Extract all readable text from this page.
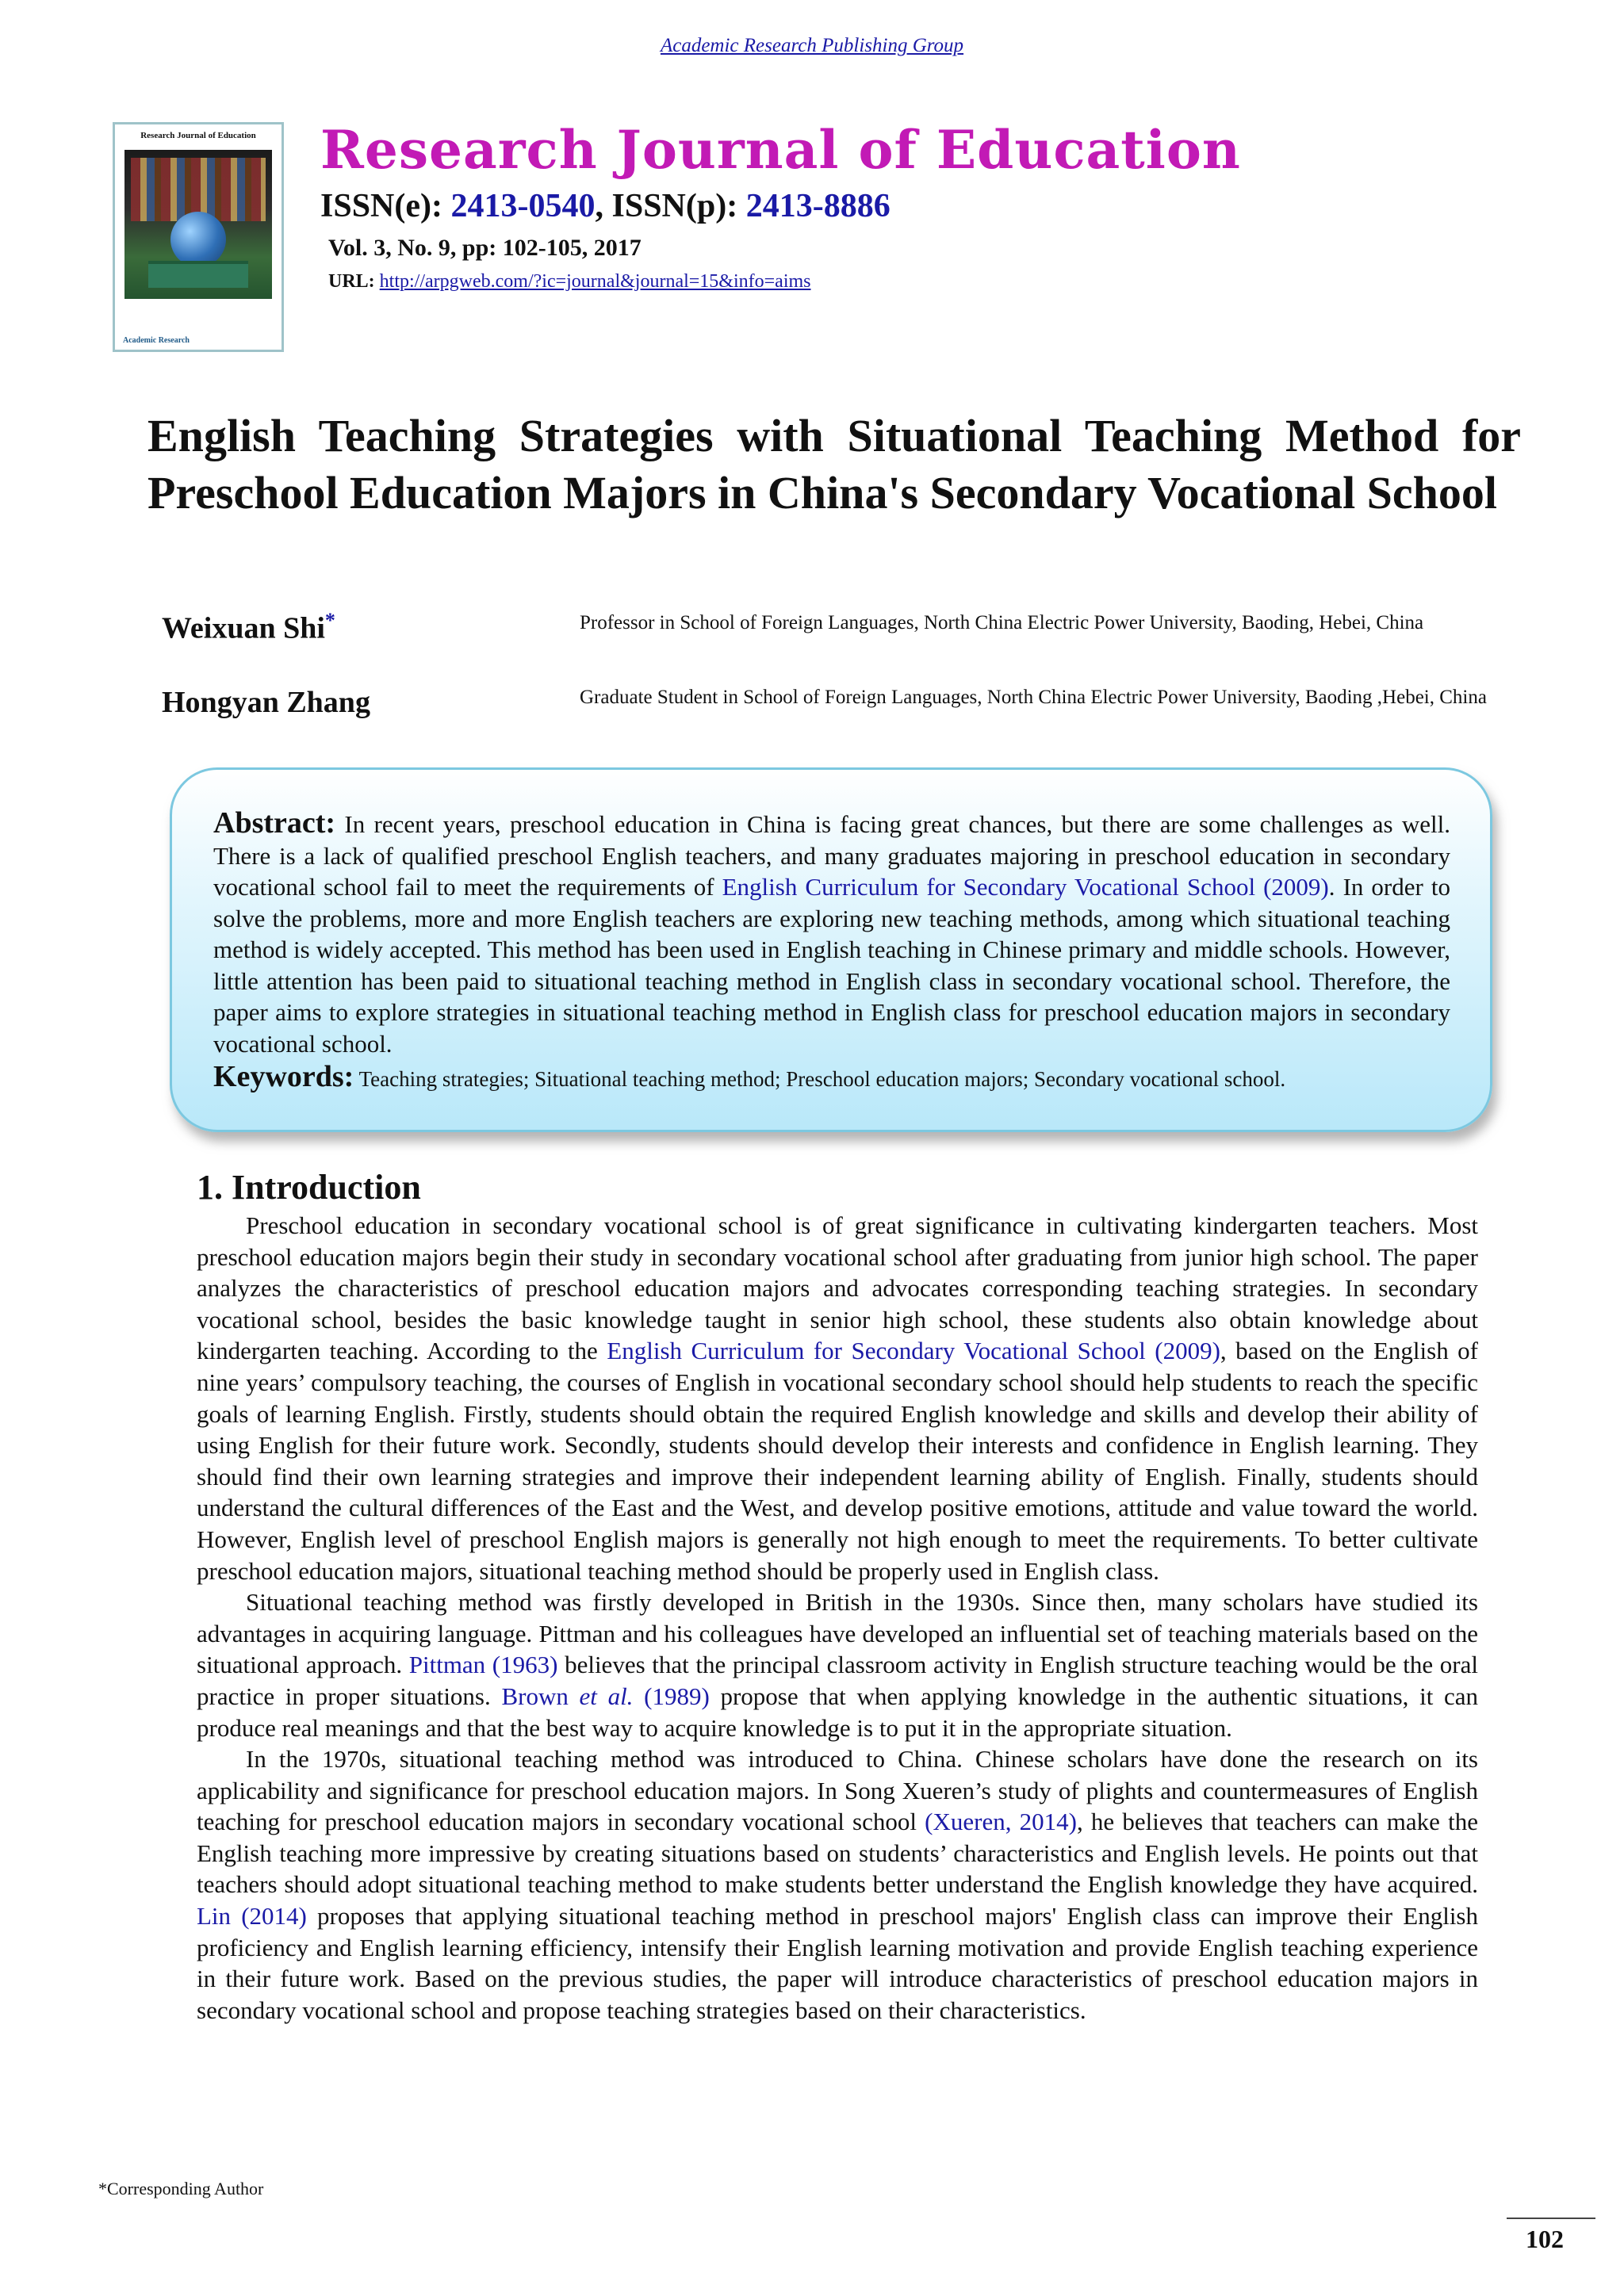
Academic Research Publishing Group
Research Journal of Education
Academic Research
Research Journal of Education
ISSN(e): 2413-0540, ISSN(p): 2413-8886
Vol. 3, No. 9, pp: 102-105, 2017
URL: http://arpgweb.com/?ic=journal&journal=15&info=aims
English Teaching Strategies with Situational Teaching Method for Preschool Education Majors in China's Secondary Vocational School
Weixuan Shi*	Professor in School of Foreign Languages, North China Electric Power University, Baoding, Hebei, China
Hongyan Zhang	Graduate Student in School of Foreign Languages, North China Electric Power University, Baoding ,Hebei, China
Abstract: In recent years, preschool education in China is facing great chances, but there are some challenges as well. There is a lack of qualified preschool English teachers, and many graduates majoring in preschool education in secondary vocational school fail to meet the requirements of English Curriculum for Secondary Vocational School (2009). In order to solve the problems, more and more English teachers are exploring new teaching methods, among which situational teaching method is widely accepted. This method has been used in English teaching in Chinese primary and middle schools. However, little attention has been paid to situational teaching method in English class in secondary vocational school. Therefore, the paper aims to explore strategies in situational teaching method in English class for preschool education majors in secondary vocational school.
Keywords: Teaching strategies; Situational teaching method; Preschool education majors; Secondary vocational school.
1. Introduction

Preschool education in secondary vocational school is of great significance in cultivating kindergarten teachers. Most preschool education majors begin their study in secondary vocational school after graduating from junior high school. The paper analyzes the characteristics of preschool education majors and advocates corresponding teaching strategies. In secondary vocational school, besides the basic knowledge taught in senior high school, these students also obtain knowledge about kindergarten teaching. According to the English Curriculum for Secondary Vocational School (2009), based on the English of nine years’ compulsory teaching, the courses of English in vocational secondary school should help students to reach the specific goals of learning English. Firstly, students should obtain the required English knowledge and skills and develop their ability of using English for their future work. Secondly, students should develop their interests and confidence in English learning. They should find their own learning strategies and improve their independent learning ability of English. Finally, students should understand the cultural differences of the East and the West, and develop positive emotions, attitude and value toward the world. However, English level of preschool English majors is generally not high enough to meet the requirements. To better cultivate preschool education majors, situational teaching method should be properly used in English class.

Situational teaching method was firstly developed in British in the 1930s. Since then, many scholars have studied its advantages in acquiring language. Pittman and his colleagues have developed an influential set of teaching materials based on the situational approach. Pittman (1963) believes that the principal classroom activity in English structure teaching would be the oral practice in proper situations. Brown et al. (1989) propose that when applying knowledge in the authentic situations, it can produce real meanings and that the best way to acquire knowledge is to put it in the appropriate situation.

In the 1970s, situational teaching method was introduced to China. Chinese scholars have done the research on its applicability and significance for preschool education majors. In Song Xueren’s study of plights and countermeasures of English teaching for preschool education majors in secondary vocational school (Xueren, 2014), he believes that teachers can make the English teaching more impressive by creating situations based on students’ characteristics and English levels. He points out that teachers should adopt situational teaching method to make students better understand the English knowledge they have acquired. Lin (2014) proposes that applying situational teaching method in preschool majors' English class can improve their English proficiency and English learning efficiency, intensify their English learning motivation and provide English teaching experience in their future work. Based on the previous studies, the paper will introduce characteristics of preschool education majors in secondary vocational school and propose teaching strategies based on their characteristics.

*Corresponding Author
102
